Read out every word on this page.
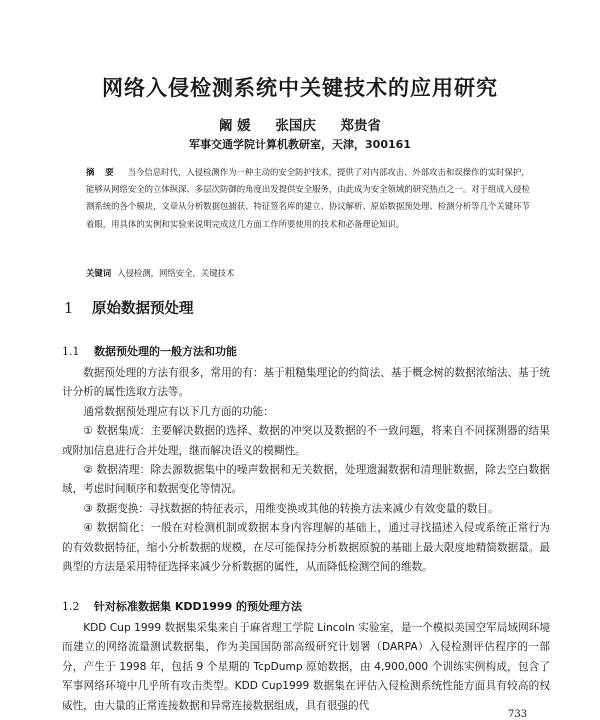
网络入侵检测系统中关键技术的应用研究
阚 媛 张国庆 郑贵省
军事交通学院计算机教研室，天津，300161
摘 要 当今信息时代，入侵检测作为一种主动的安全防护技术，提供了对内部攻击、外部攻击和误操作的实时保护，能够从网络安全的立体纵深、多层次防御的角度出发提供安全服务，由此成为安全领域的研究热点之一。对于组成入侵检测系统的各个模块，文章从分析数据包捕获、特征签名库的建立、协议解析、原始数据预处理、检测分析等几个关键环节着眼，用具体的实例和实验来说明完成这几方面工作所要使用的技术和必备理论知识。
关键词 入侵检测，网络安全，关键技术
1 原始数据预处理
1.1 数据预处理的一般方法和功能

数据预处理的方法有很多，常用的有：基于粗糙集理论的约简法、基于概念树的数据浓缩法、基于统计分析的属性选取方法等。

通常数据预处理应有以下几方面的功能：

① 数据集成：主要解决数据的选择、数据的冲突以及数据的不一致问题，将来自不同探测器的结果或附加信息进行合并处理，继而解决语义的模糊性。

② 数据清理：除去源数据集中的噪声数据和无关数据，处理遗漏数据和清理脏数据，除去空白数据域，考虑时间顺序和数据变化等情况。

③ 数据变换：寻找数据的特征表示，用维变换或其他的转换方法来减少有效变量的数目。

④ 数据简化：一般在对检测机制或数据本身内容理解的基础上，通过寻找描述入侵或系统正常行为的有效数据特征，缩小分析数据的规模，在尽可能保持分析数据原貌的基础上最大限度地精简数据量。最典型的方法是采用特征选择来减少分析数据的属性，从而降低检测空间的维数。

1.2 针对标准数据集 KDD1999 的预处理方法

KDD Cup 1999 数据集采集来自于麻省理工学院 Lincoln 实验室，是一个模拟美国空军局域网环境而建立的网络流量测试数据集，作为美国国防部高级研究计划署（DARPA）入侵检测评估程序的一部分，产生于 1998 年，包括 9 个星期的 TcpDump 原始数据，由 4,900,000 个训练实例构成，包含了军事网络环境中几乎所有攻击类型。KDD Cup1999 数据集在评估入侵检测系统性能方面具有较高的权威性，由大量的正常连接数据和异常连接数据组成，具有很强的代

733
